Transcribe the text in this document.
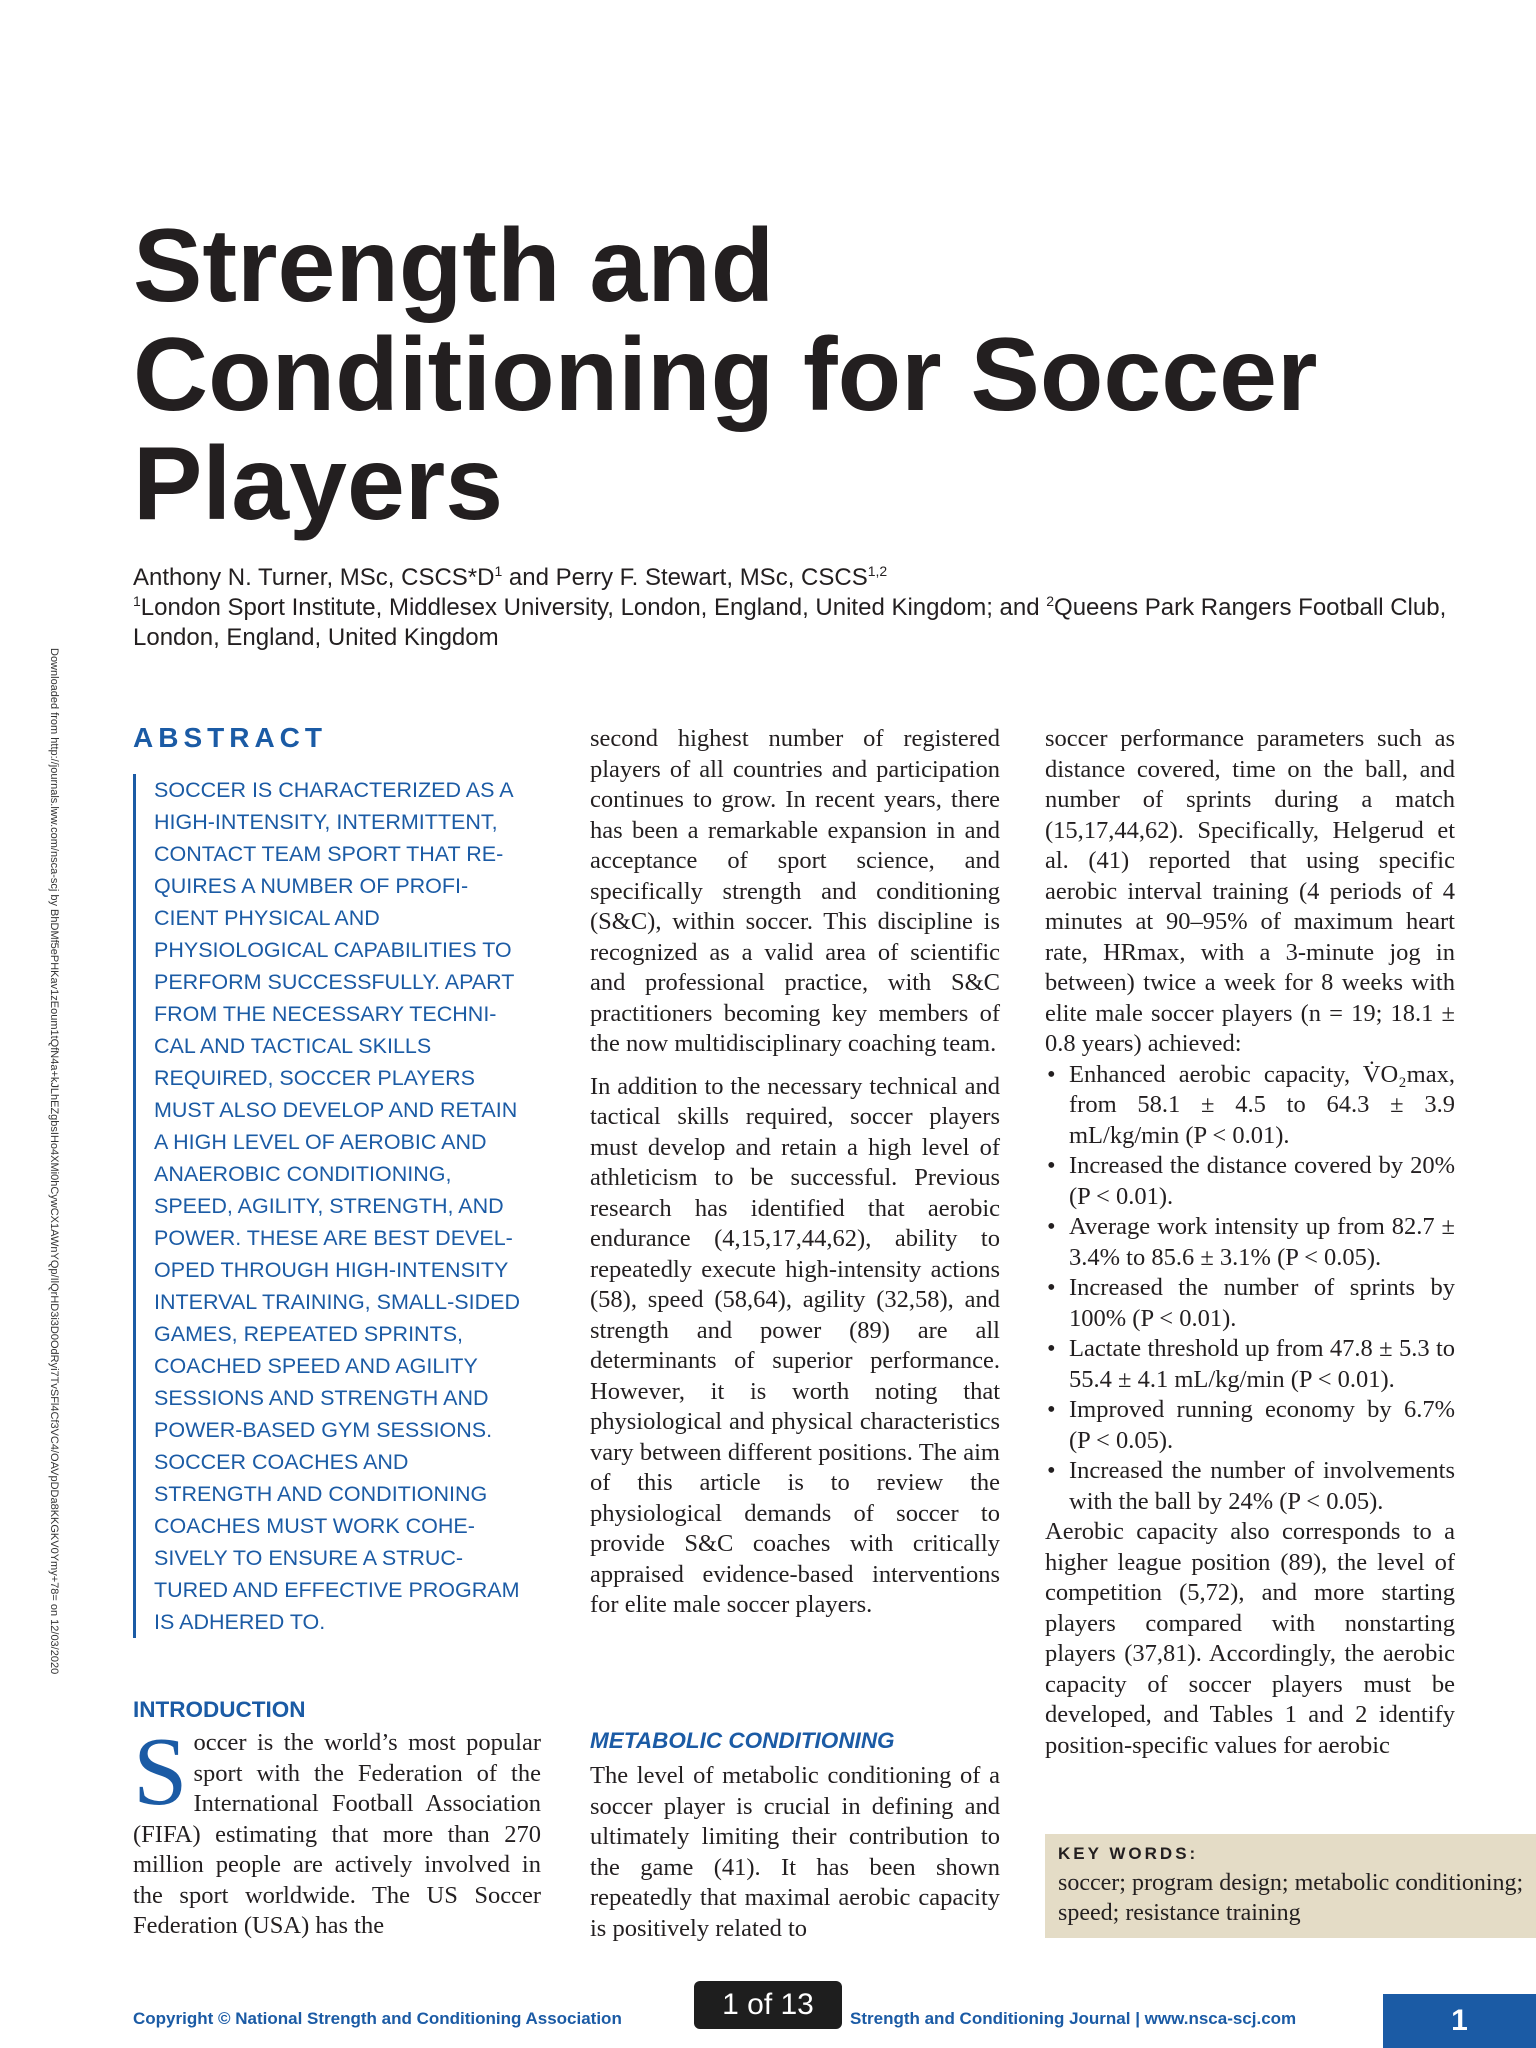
Strength and
Conditioning for Soccer
Players
Anthony N. Turner, MSc, $CSCS*D^1$ and Perry F. Stewart, MSc, CSCS$^{1,2}$
$^1$London Sport Institute, Middlesex University, London, England, United Kingdom; and $^2$Queens Park Rangers Football Club, London, England, United Kingdom
Downloaded from http://journals.lww.com/nsca-scj by BhDMf5ePHKav1zEoum1tQfN4a+kJLhEZgbsIHo4XMi0hCywCX1AWnYQp/IlQrHD3i3D0OdRyi7TvSFl4Cf3VC4/OAVpDDa8KKGKV0Ymy+78= on 12/03/2020	ABSTRACT
SOCCER IS CHARACTERIZED AS A
HIGH-INTENSITY, INTERMITTENT,
CONTACT TEAM SPORT THAT RE-
QUIRES A NUMBER OF PROFI-
CIENT PHYSICAL AND
PHYSIOLOGICAL CAPABILITIES TO
PERFORM SUCCESSFULLY. APART
FROM THE NECESSARY TECHNI-
CAL AND TACTICAL SKILLS
REQUIRED, SOCCER PLAYERS
MUST ALSO DEVELOP AND RETAIN
A HIGH LEVEL OF AEROBIC AND
ANAEROBIC CONDITIONING,
SPEED, AGILITY, STRENGTH, AND
POWER. THESE ARE BEST DEVEL-
OPED THROUGH HIGH-INTENSITY
INTERVAL TRAINING, SMALL-SIDED
GAMES, REPEATED SPRINTS,
COACHED SPEED AND AGILITY
SESSIONS AND STRENGTH AND
POWER-BASED GYM SESSIONS.
SOCCER COACHES AND
STRENGTH AND CONDITIONING
COACHES MUST WORK COHE-
SIVELY TO ENSURE A STRUC-
TURED AND EFFECTIVE PROGRAM
IS ADHERED TO.
INTRODUCTION
Soccer is the world’s most popular sport with the Federation of the International Football Association (FIFA) estimating that more than 270 million people are actively involved in the sport worldwide. The US Soccer Federation (USA) has the

second highest number of registered players of all countries and participation continues to grow. In recent years, there has been a remarkable expansion in and acceptance of sport science, and specifically strength and conditioning (S&C), within soccer. This discipline is recognized as a valid area of scientific and professional practice, with S&C practitioners becoming key members of the now multidisciplinary coaching team.

In addition to the necessary technical and tactical skills required, soccer players must develop and retain a high level of athleticism to be successful. Previous research has identified that aerobic endurance (4,15,17,44,62), ability to repeatedly execute high-intensity actions (58), speed (58,64), agility (32,58), and strength and power (89) are all determinants of superior performance. However, it is worth noting that physiological and physical characteristics vary between different positions. The aim of this article is to review the physiological demands of soccer to provide S&C coaches with critically appraised evidence-based interventions for elite male soccer players.

METABOLIC CONDITIONING
The level of metabolic conditioning of a soccer player is crucial in defining and ultimately limiting their contribution to the game (41). It has been shown repeatedly that maximal aerobic capacity is positively related to

soccer performance parameters such as distance covered, time on the ball, and number of sprints during a match (15,17,44,62). Specifically, Helgerud et al. (41) reported that using specific aerobic interval training (4 periods of 4 minutes at 90–95% of maximum heart rate, HRmax, with a 3-minute jog in between) twice a week for 8 weeks with elite male soccer players (n = 19; 18.1 ± 0.8 years) achieved:

• Enhanced aerobic capacity, V̇O₂max, from 58.1 ± 4.5 to 64.3 ± 3.9 mL/kg/min (P < 0.01).
• Increased the distance covered by 20% (P < 0.01).
• Average work intensity up from 82.7 ± 3.4% to 85.6 ± 3.1% (P < 0.05).
• Increased the number of sprints by 100% (P < 0.01).
• Lactate threshold up from 47.8 ± 5.3 to 55.4 ± 4.1 mL/kg/min (P < 0.01).
• Improved running economy by 6.7% (P < 0.05).
• Increased the number of involvements with the ball by 24% (P < 0.05).

Aerobic capacity also corresponds to a higher league position (89), the level of competition (5,72), and more starting players compared with nonstarting players (37,81). Accordingly, the aerobic capacity of soccer players must be developed, and Tables 1 and 2 identify position-specific values for aerobic

KEY WORDS:
soccer; program design; metabolic conditioning; speed; resistance training
Copyright © National Strength and Conditioning Association	1 of 13	Strength and Conditioning Journal | www.nsca-scj.com	1
